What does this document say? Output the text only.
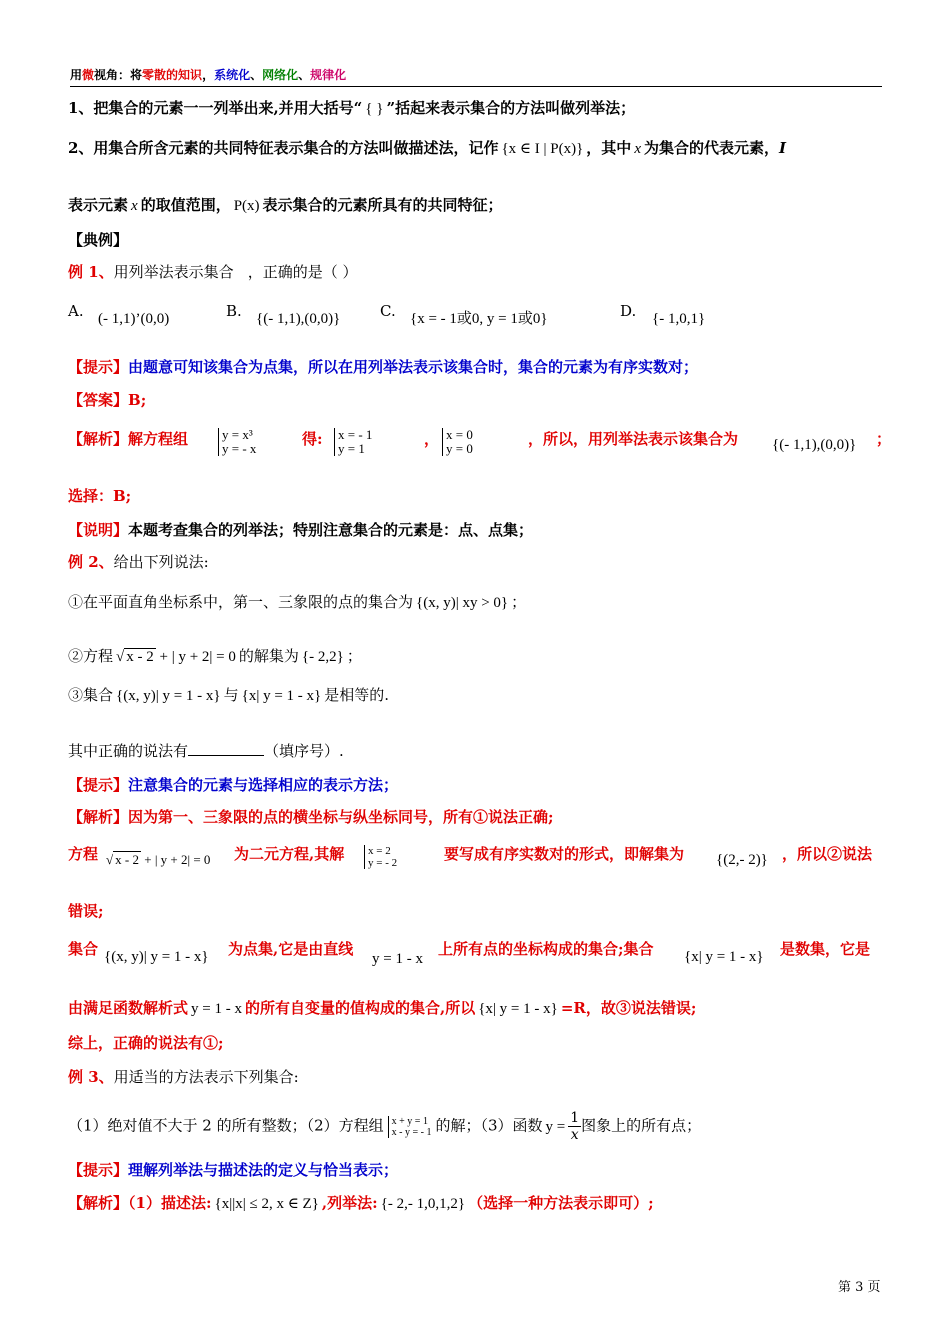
用微视角：将零散的知识，系统化、网络化、规律化
1、把集合的元素一一列举出来,并用大括号“ { } ”括起来表示集合的方法叫做列举法；
2、用集合所含元素的共同特征表示集合的方法叫做描述法，记作 {x ∈ I | P(x)} ，其中 x 为集合的代表元素，I
表示元素 x 的取值范围， P(x) 表示集合的元素所具有的共同特征；
【典例】
例 1、用列举法表示集合 ，正确的是（ ）
A. (- 1,1)’(0,0)	B. {(- 1,1),(0,0)}	C. {x = - 1或0, y = 1或0}	D. {- 1,0,1}
【提示】由题意可知该集合为点集，所以在用列举法表示该集合时，集合的元素为有序实数对；
【答案】B;
【解析】解方程组	y = x³
y = - x
得: x = - 1
y = 1
， x = 0
y = 0
，所以，用列举法表示该集合为 {(- 1,1),(0,0)} ；
选择：B;
【说明】本题考查集合的列举法；特别注意集合的元素是：点、点集；
例 2、给出下列说法:
①在平面直角坐标系中，第一、三象限的点的集合为 {(x, y)| xy > 0} ；
②方程 √ x - 2 + | y + 2| = 0 的解集为 {- 2,2} ；
③集合 {(x, y)| y = 1 - x} 与 {x| y = 1 - x} 是相等的.
其中正确的说法有	（填序号）.
【提示】注意集合的元素与选择相应的表示方法；
【解析】因为第一、三象限的点的横坐标与纵坐标同号，所有①说法正确;
方程 √ x - 2 + | y + 2| = 0 为二元方程,其解 x = 2
y = - 2	要写成有序实数对的形式，即解集为 {(2,- 2)} ，所以②说法
错误;
集合 {(x, y)| y = 1 - x} 为点集,它是由直线
y = 1 - x
上所有点的坐标构成的集合;集合 {x| y = 1 - x} 是数集，它是
由满足函数解析式 y = 1 - x 的所有自变量的值构成的集合,所以 {x| y = 1 - x} =R，故③说法错误;
综上，正确的说法有①;
例 3、用适当的方法表示下列集合:
（1）绝对值不大于 2 的所有整数；（2）方程组 x + y = 1
x - y = - 1 的解；（3）函数 $y = \frac{1}{x}$ 图象上的所有点；
【提示】理解列举法与描述法的定义与恰当表示；
【解析】（1）描述法: {x||x| ≤ 2, x ∈ Z} ,列举法: {- 2,- 1,0,1,2} （选择一种方法表示即可）;
第 3 页
